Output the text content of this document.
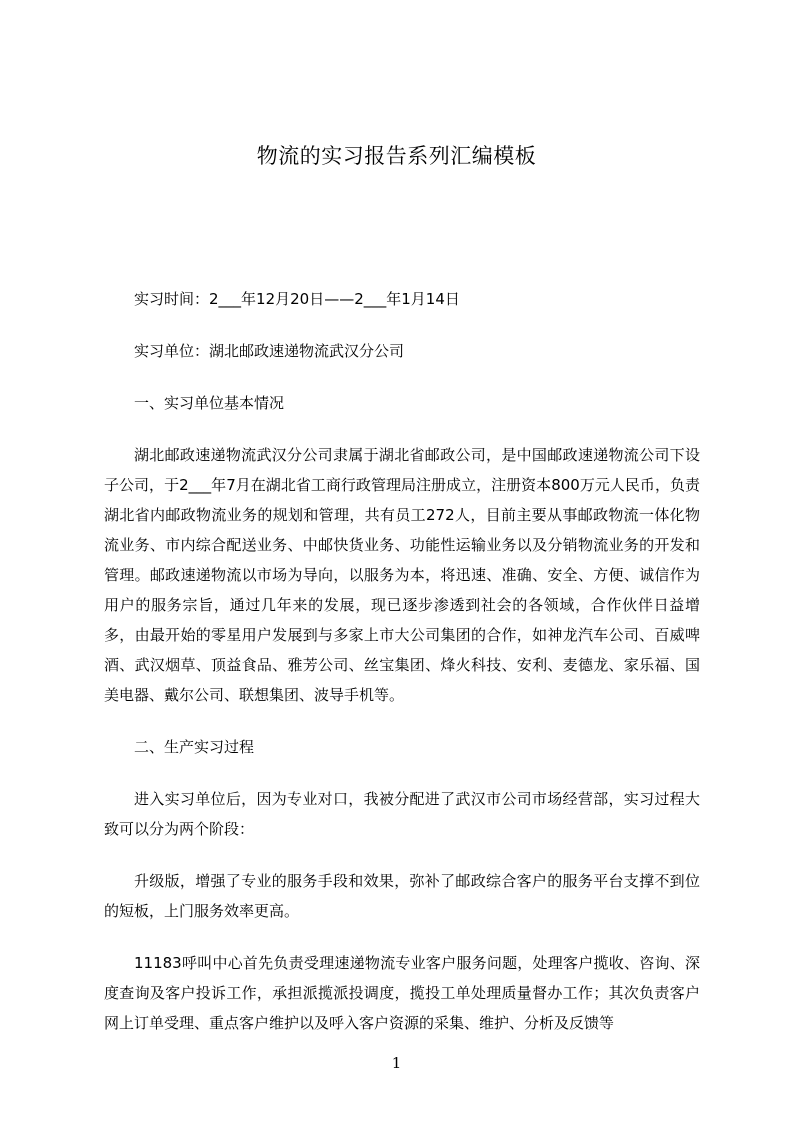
物流的实习报告系列汇编模板

实习时间：2___年12月20日——2___年1月14日

实习单位：湖北邮政速递物流武汉分公司

一、实习单位基本情况

湖北邮政速递物流武汉分公司隶属于湖北省邮政公司，是中国邮政速递物流公司下设子公司，于2___年7月在湖北省工商行政管理局注册成立，注册资本800万元人民币，负责湖北省内邮政物流业务的规划和管理，共有员工272人，目前主要从事邮政物流一体化物流业务、市内综合配送业务、中邮快货业务、功能性运输业务以及分销物流业务的开发和管理。邮政速递物流以市场为导向，以服务为本，将迅速、准确、安全、方便、诚信作为用户的服务宗旨，通过几年来的发展，现已逐步渗透到社会的各领域，合作伙伴日益增多，由最开始的零星用户发展到与多家上市大公司集团的合作，如神龙汽车公司、百威啤酒、武汉烟草、顶益食品、雅芳公司、丝宝集团、烽火科技、安利、麦德龙、家乐福、国美电器、戴尔公司、联想集团、波导手机等。

二、生产实习过程

进入实习单位后，因为专业对口，我被分配进了武汉市公司市场经营部，实习过程大致可以分为两个阶段：

升级版，增强了专业的服务手段和效果，弥补了邮政综合客户的服务平台支撑不到位的短板，上门服务效率更高。

11183呼叫中心首先负责受理速递物流专业客户服务问题，处理客户揽收、咨询、深度查询及客户投诉工作，承担派揽派投调度，揽投工单处理质量督办工作；其次负责客户网上订单受理、重点客户维护以及呼入客户资源的采集、维护、分析及反馈等

1
